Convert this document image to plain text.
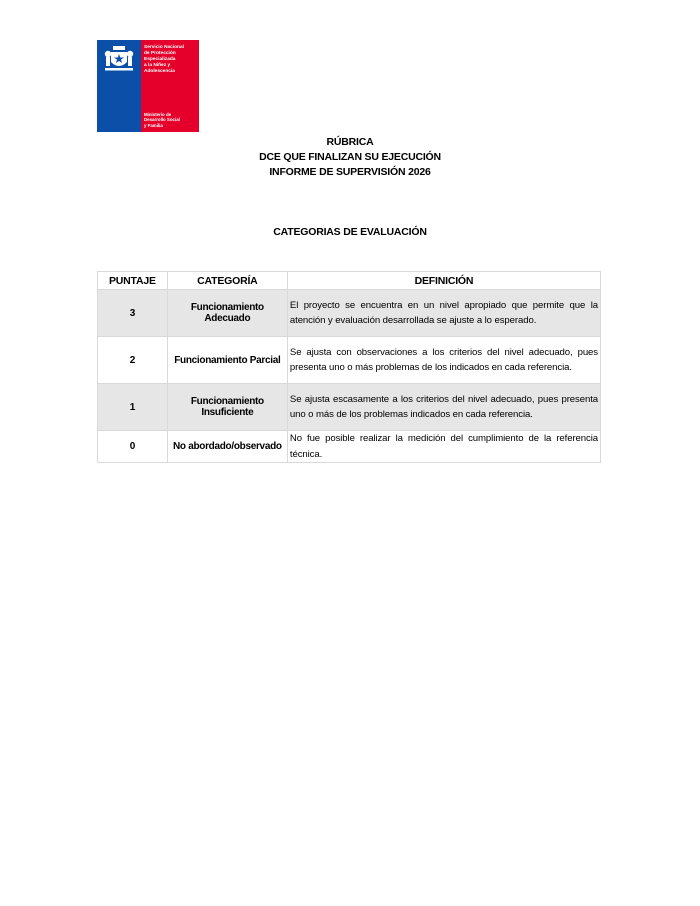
Servicio Nacional
de Protección
Especializada
a la Niñez y
Adolescencia
Ministerio de
Desarrollo Social
y Familia
RÚBRICA
DCE QUE FINALIZAN SU EJECUCIÓN
INFORME DE SUPERVISIÓN 2026
CATEGORIAS DE EVALUACIÓN
PUNTAJE	CATEGORÍA	DEFINICIÓN
3	Funcionamiento Adecuado	El proyecto se encuentra en un nivel apropiado que permite que la atención y evaluación desarrollada se ajuste a lo esperado.
2	Funcionamiento Parcial	Se ajusta con observaciones a los criterios del nivel adecuado, pues presenta uno o más problemas de los indicados en cada referencia.
1	Funcionamiento Insuficiente	Se ajusta escasamente a los criterios del nivel adecuado, pues presenta uno o más de los problemas indicados en cada referencia.
0	No abordado/observado	No fue posible realizar la medición del cumplimiento de la referencia técnica.
